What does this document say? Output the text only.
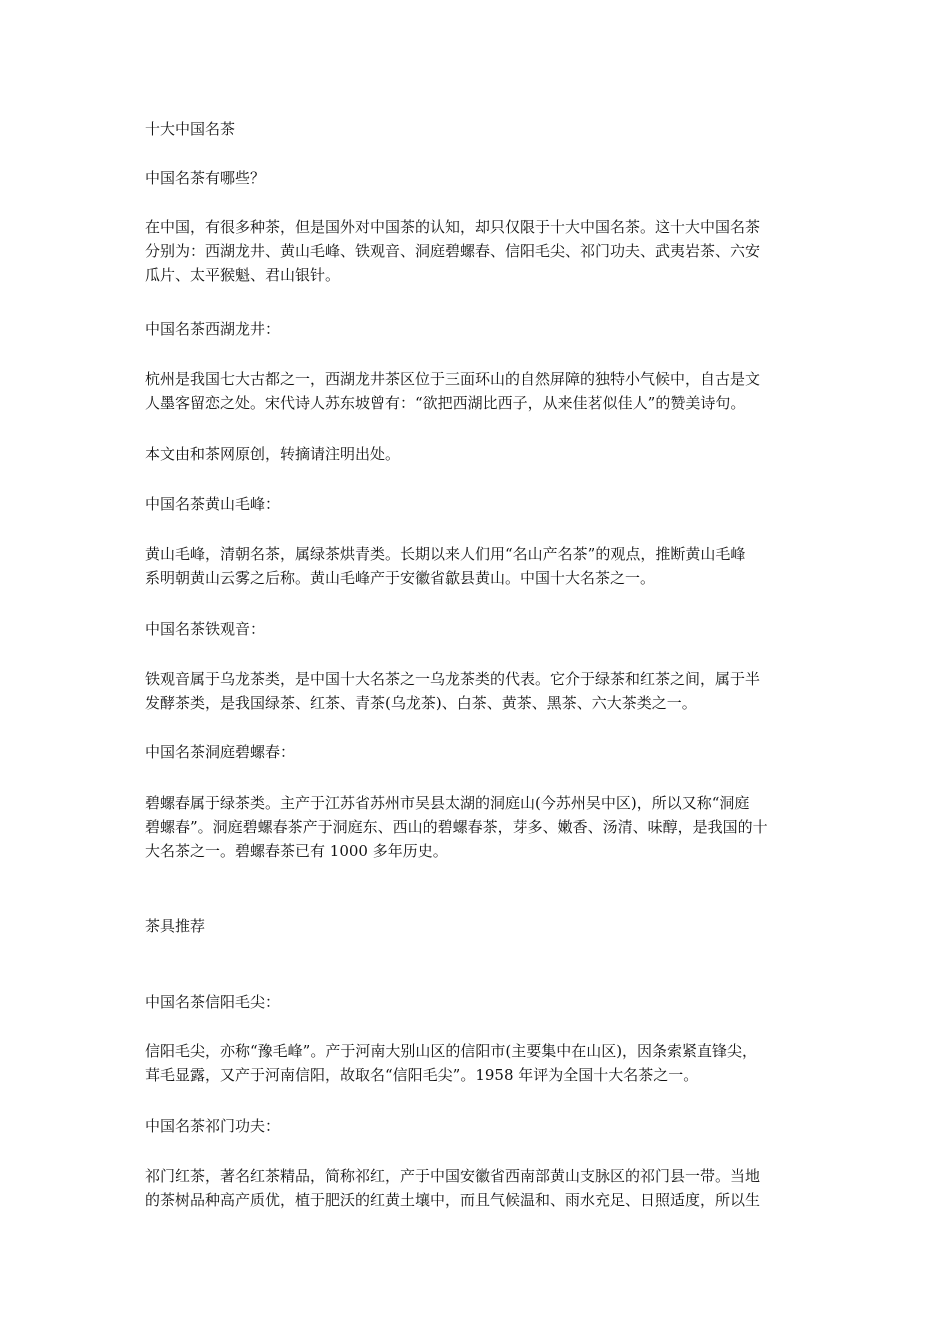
十大中国名茶
中国名茶有哪些？
在中国，有很多种茶，但是国外对中国茶的认知，却只仅限于十大中国名茶。这十大中国名茶
分别为：西湖龙井、黄山毛峰、铁观音、洞庭碧螺春、信阳毛尖、祁门功夫、武夷岩茶、六安
瓜片、太平猴魁、君山银针。
中国名茶西湖龙井：
杭州是我国七大古都之一，西湖龙井茶区位于三面环山的自然屏障的独特小气候中，自古是文
人墨客留恋之处。宋代诗人苏东坡曾有：“欲把西湖比西子，从来佳茗似佳人”的赞美诗句。
本文由和茶网原创，转摘请注明出处。
中国名茶黄山毛峰：
黄山毛峰，清朝名茶，属绿茶烘青类。长期以来人们用“名山产名茶”的观点，推断黄山毛峰
系明朝黄山云雾之后称。黄山毛峰产于安徽省歙县黄山。中国十大名茶之一。
中国名茶铁观音：
铁观音属于乌龙茶类，是中国十大名茶之一乌龙茶类的代表。它介于绿茶和红茶之间，属于半
发酵茶类，是我国绿茶、红茶、青茶(乌龙茶)、白茶、黄茶、黑茶、六大茶类之一。
中国名茶洞庭碧螺春：
碧螺春属于绿茶类。主产于江苏省苏州市吴县太湖的洞庭山(今苏州吴中区)，所以又称“洞庭
碧螺春”。洞庭碧螺春茶产于洞庭东、西山的碧螺春茶，芽多、嫩香、汤清、味醇，是我国的十
大名茶之一。碧螺春茶已有 1000 多年历史。
茶具推荐
中国名茶信阳毛尖：
信阳毛尖，亦称“豫毛峰”。产于河南大别山区的信阳市(主要集中在山区)，因条索紧直锋尖，
茸毛显露，又产于河南信阳，故取名“信阳毛尖”。1958 年评为全国十大名茶之一。
中国名茶祁门功夫：
祁门红茶，著名红茶精品，简称祁红，产于中国安徽省西南部黄山支脉区的祁门县一带。当地
的茶树品种高产质优，植于肥沃的红黄土壤中，而且气候温和、雨水充足、日照适度，所以生
